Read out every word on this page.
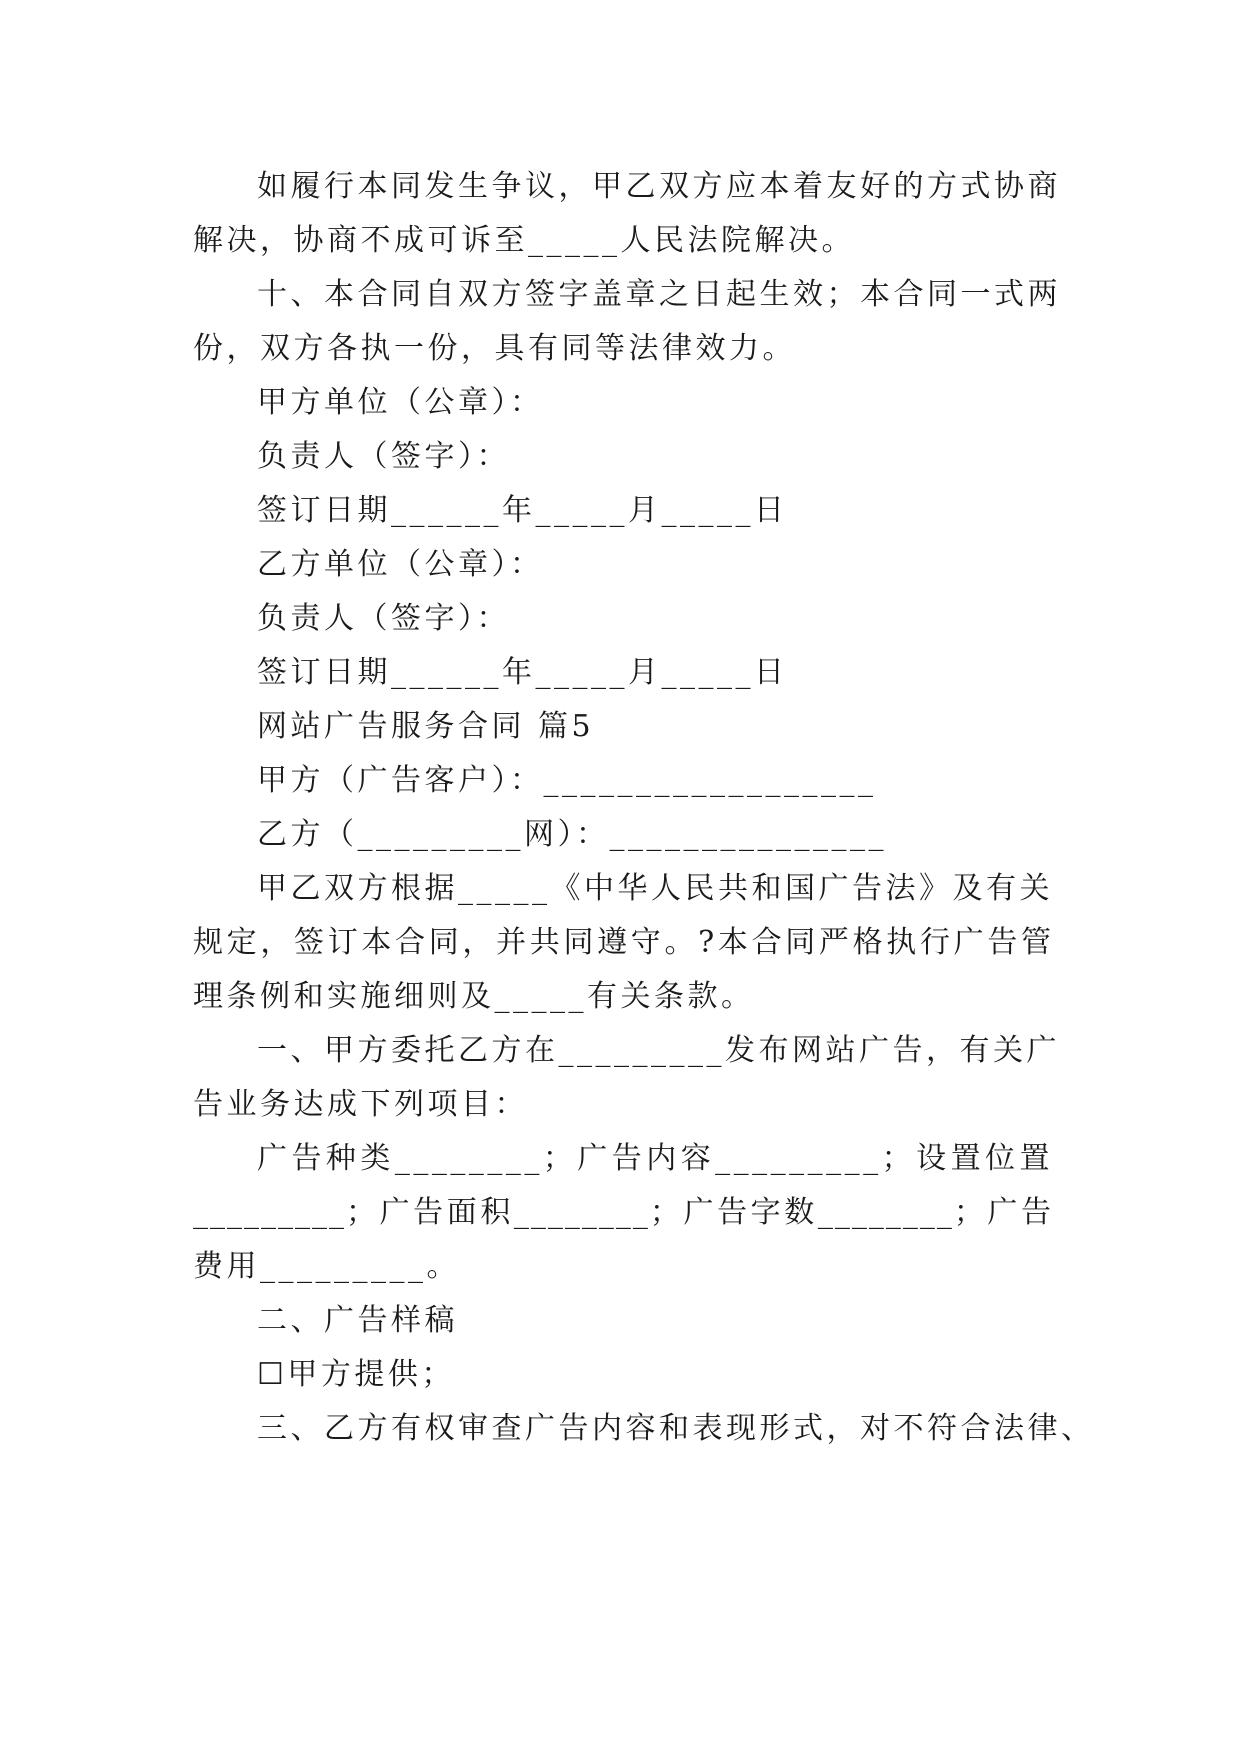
如履行本同发生争议，甲乙双方应本着友好的方式协商
解决，协商不成可诉至_____人民法院解决。
十、本合同自双方签字盖章之日起生效；本合同一式两
份，双方各执一份，具有同等法律效力。
甲方单位（公章）：
负责人（签字）：
签订日期______年_____月_____日
乙方单位（公章）：
负责人（签字）：
签订日期______年_____月_____日
网站广告服务合同 篇5
甲方（广告客户）：__________________
乙方（_________网）：_______________
甲乙双方根据_____《中华人民共和国广告法》及有关
规定，签订本合同，并共同遵守。?本合同严格执行广告管
理条例和实施细则及_____有关条款。
一、甲方委托乙方在_________发布网站广告，有关广
告业务达成下列项目：
广告种类________；广告内容_________；设置位置
_________；广告面积________；广告字数________；广告
费用_________。
二、广告样稿
☐甲方提供；
三、乙方有权审查广告内容和表现形式，对不符合法律、
